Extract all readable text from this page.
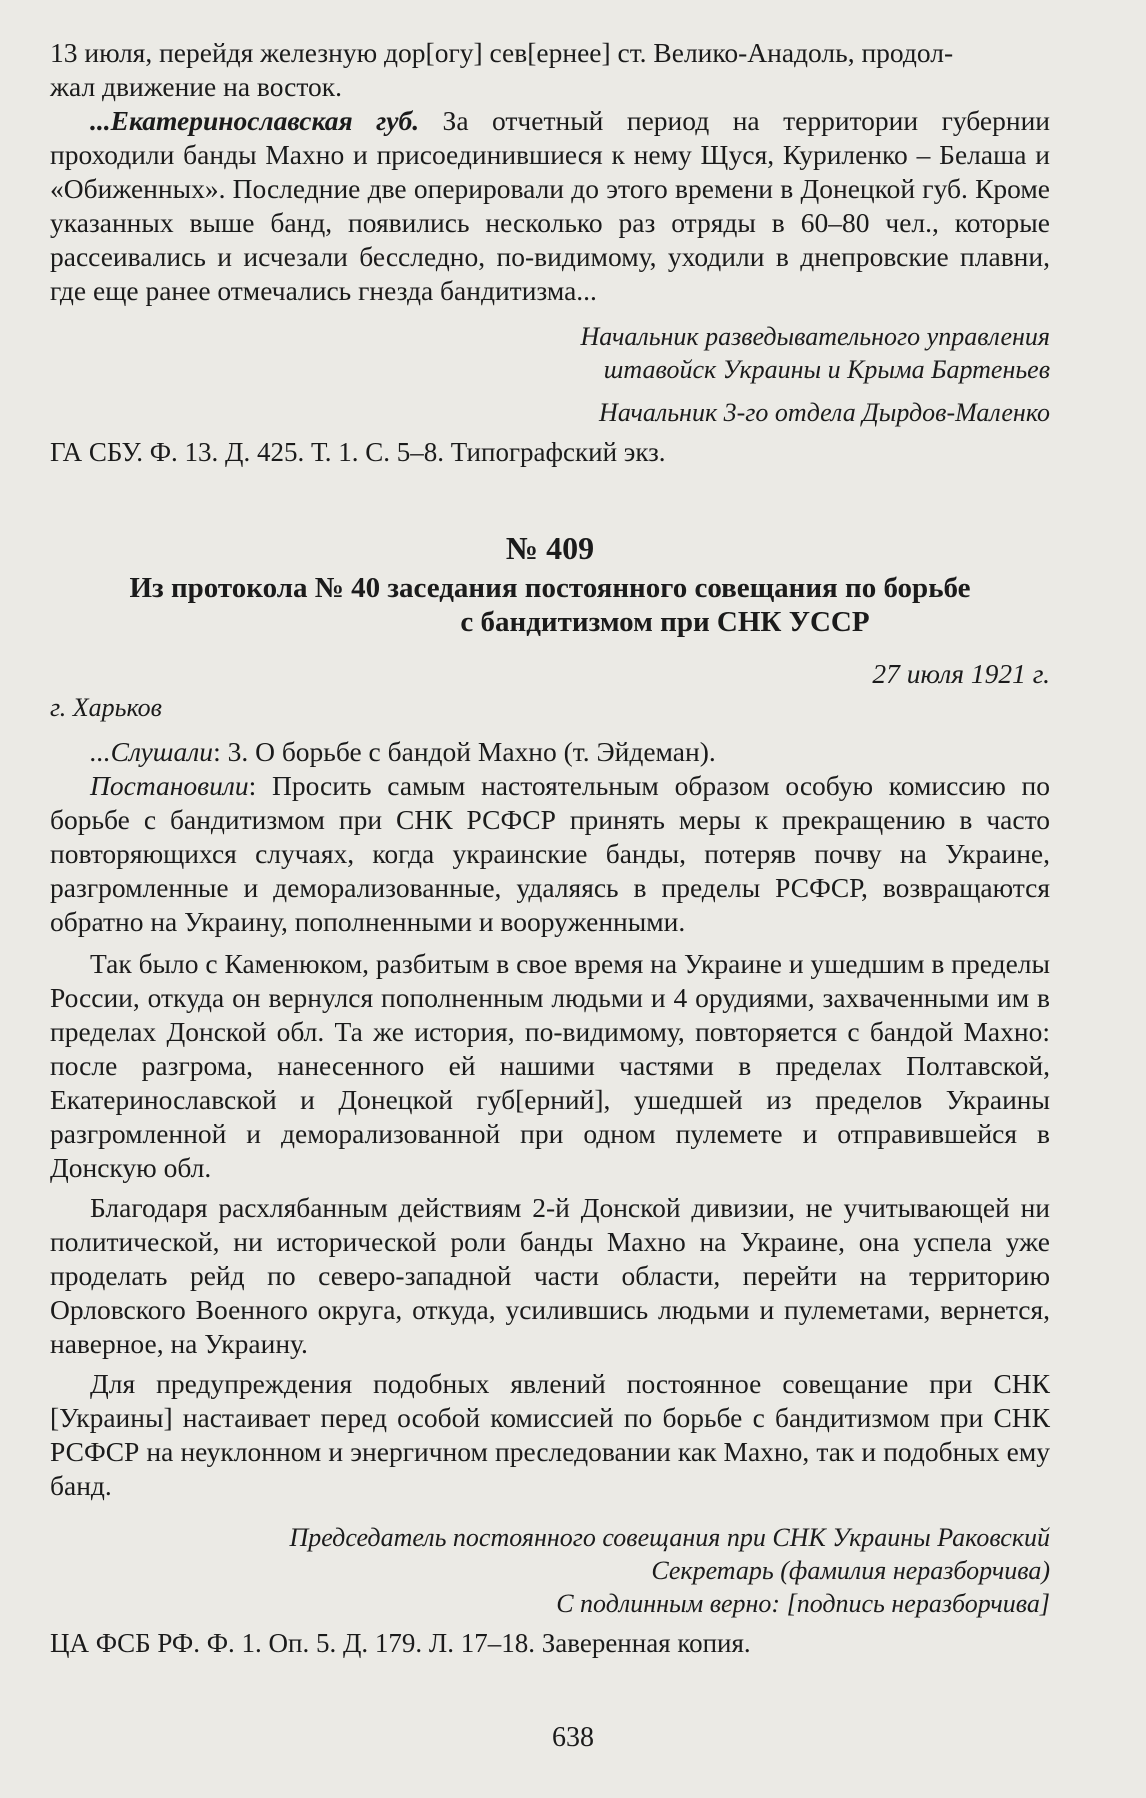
13 июля, перейдя железную дор[огу] сев[ернее] ст. Велико-Анадоль, продол-

жал движение на восток.

...Екатеринославская губ. За отчетный период на территории губернии проходили банды Махно и присоединившиеся к нему Щуся, Куриленко – Белаша и «Обиженных». Последние две оперировали до этого времени в Донецкой губ. Кроме указанных выше банд, появились несколько раз отряды в 60–80 чел., которые рассеивались и исчезали бесследно, по-видимому, уходили в днепровские плавни, где еще ранее отмечались гнезда бандитизма...

Начальник разведывательного управления

штавойск Украины и Крыма Бартеньев

Начальник 3-го отдела Дырдов-Маленко

ГА СБУ. Ф. 13. Д. 425. Т. 1. С. 5–8. Типографский экз.

№ 409

Из протокола № 40 заседания постоянного совещания по борьбе

с бандитизмом при СНК УССР

27 июля 1921 г.

г. Харьков

...Слушали: 3. О борьбе с бандой Махно (т. Эйдеман).

Постановили: Просить самым настоятельным образом особую комиссию по борьбе с бандитизмом при СНК РСФСР принять меры к прекращению в часто повторяющихся случаях, когда украинские банды, потеряв почву на Украине, разгромленные и деморализованные, удаляясь в пределы РСФСР, возвращаются обратно на Украину, пополненными и вооруженными.

Так было с Каменюком, разбитым в свое время на Украине и ушедшим в пределы России, откуда он вернулся пополненным людьми и 4 орудиями, захваченными им в пределах Донской обл. Та же история, по-видимому, повторяется с бандой Махно: после разгрома, нанесенного ей нашими частями в пределах Полтавской, Екатеринославской и Донецкой губ[ерний], ушедшей из пределов Украины разгромленной и деморализованной при одном пулемете и отправившейся в Донскую обл.

Благодаря расхлябанным действиям 2-й Донской дивизии, не учитывающей ни политической, ни исторической роли банды Махно на Украине, она успела уже проделать рейд по северо-западной части области, перейти на территорию Орловского Военного округа, откуда, усилившись людьми и пулеметами, вернется, наверное, на Украину.

Для предупреждения подобных явлений постоянное совещание при СНК [Украины] настаивает перед особой комиссией по борьбе с бандитизмом при СНК РСФСР на неуклонном и энергичном преследовании как Махно, так и подобных ему банд.

Председатель постоянного совещания при СНК Украины Раковский

Секретарь (фамилия неразборчива)

С подлинным верно: [подпись неразборчива]

ЦА ФСБ РФ. Ф. 1. Оп. 5. Д. 179. Л. 17–18. Заверенная копия.

638
